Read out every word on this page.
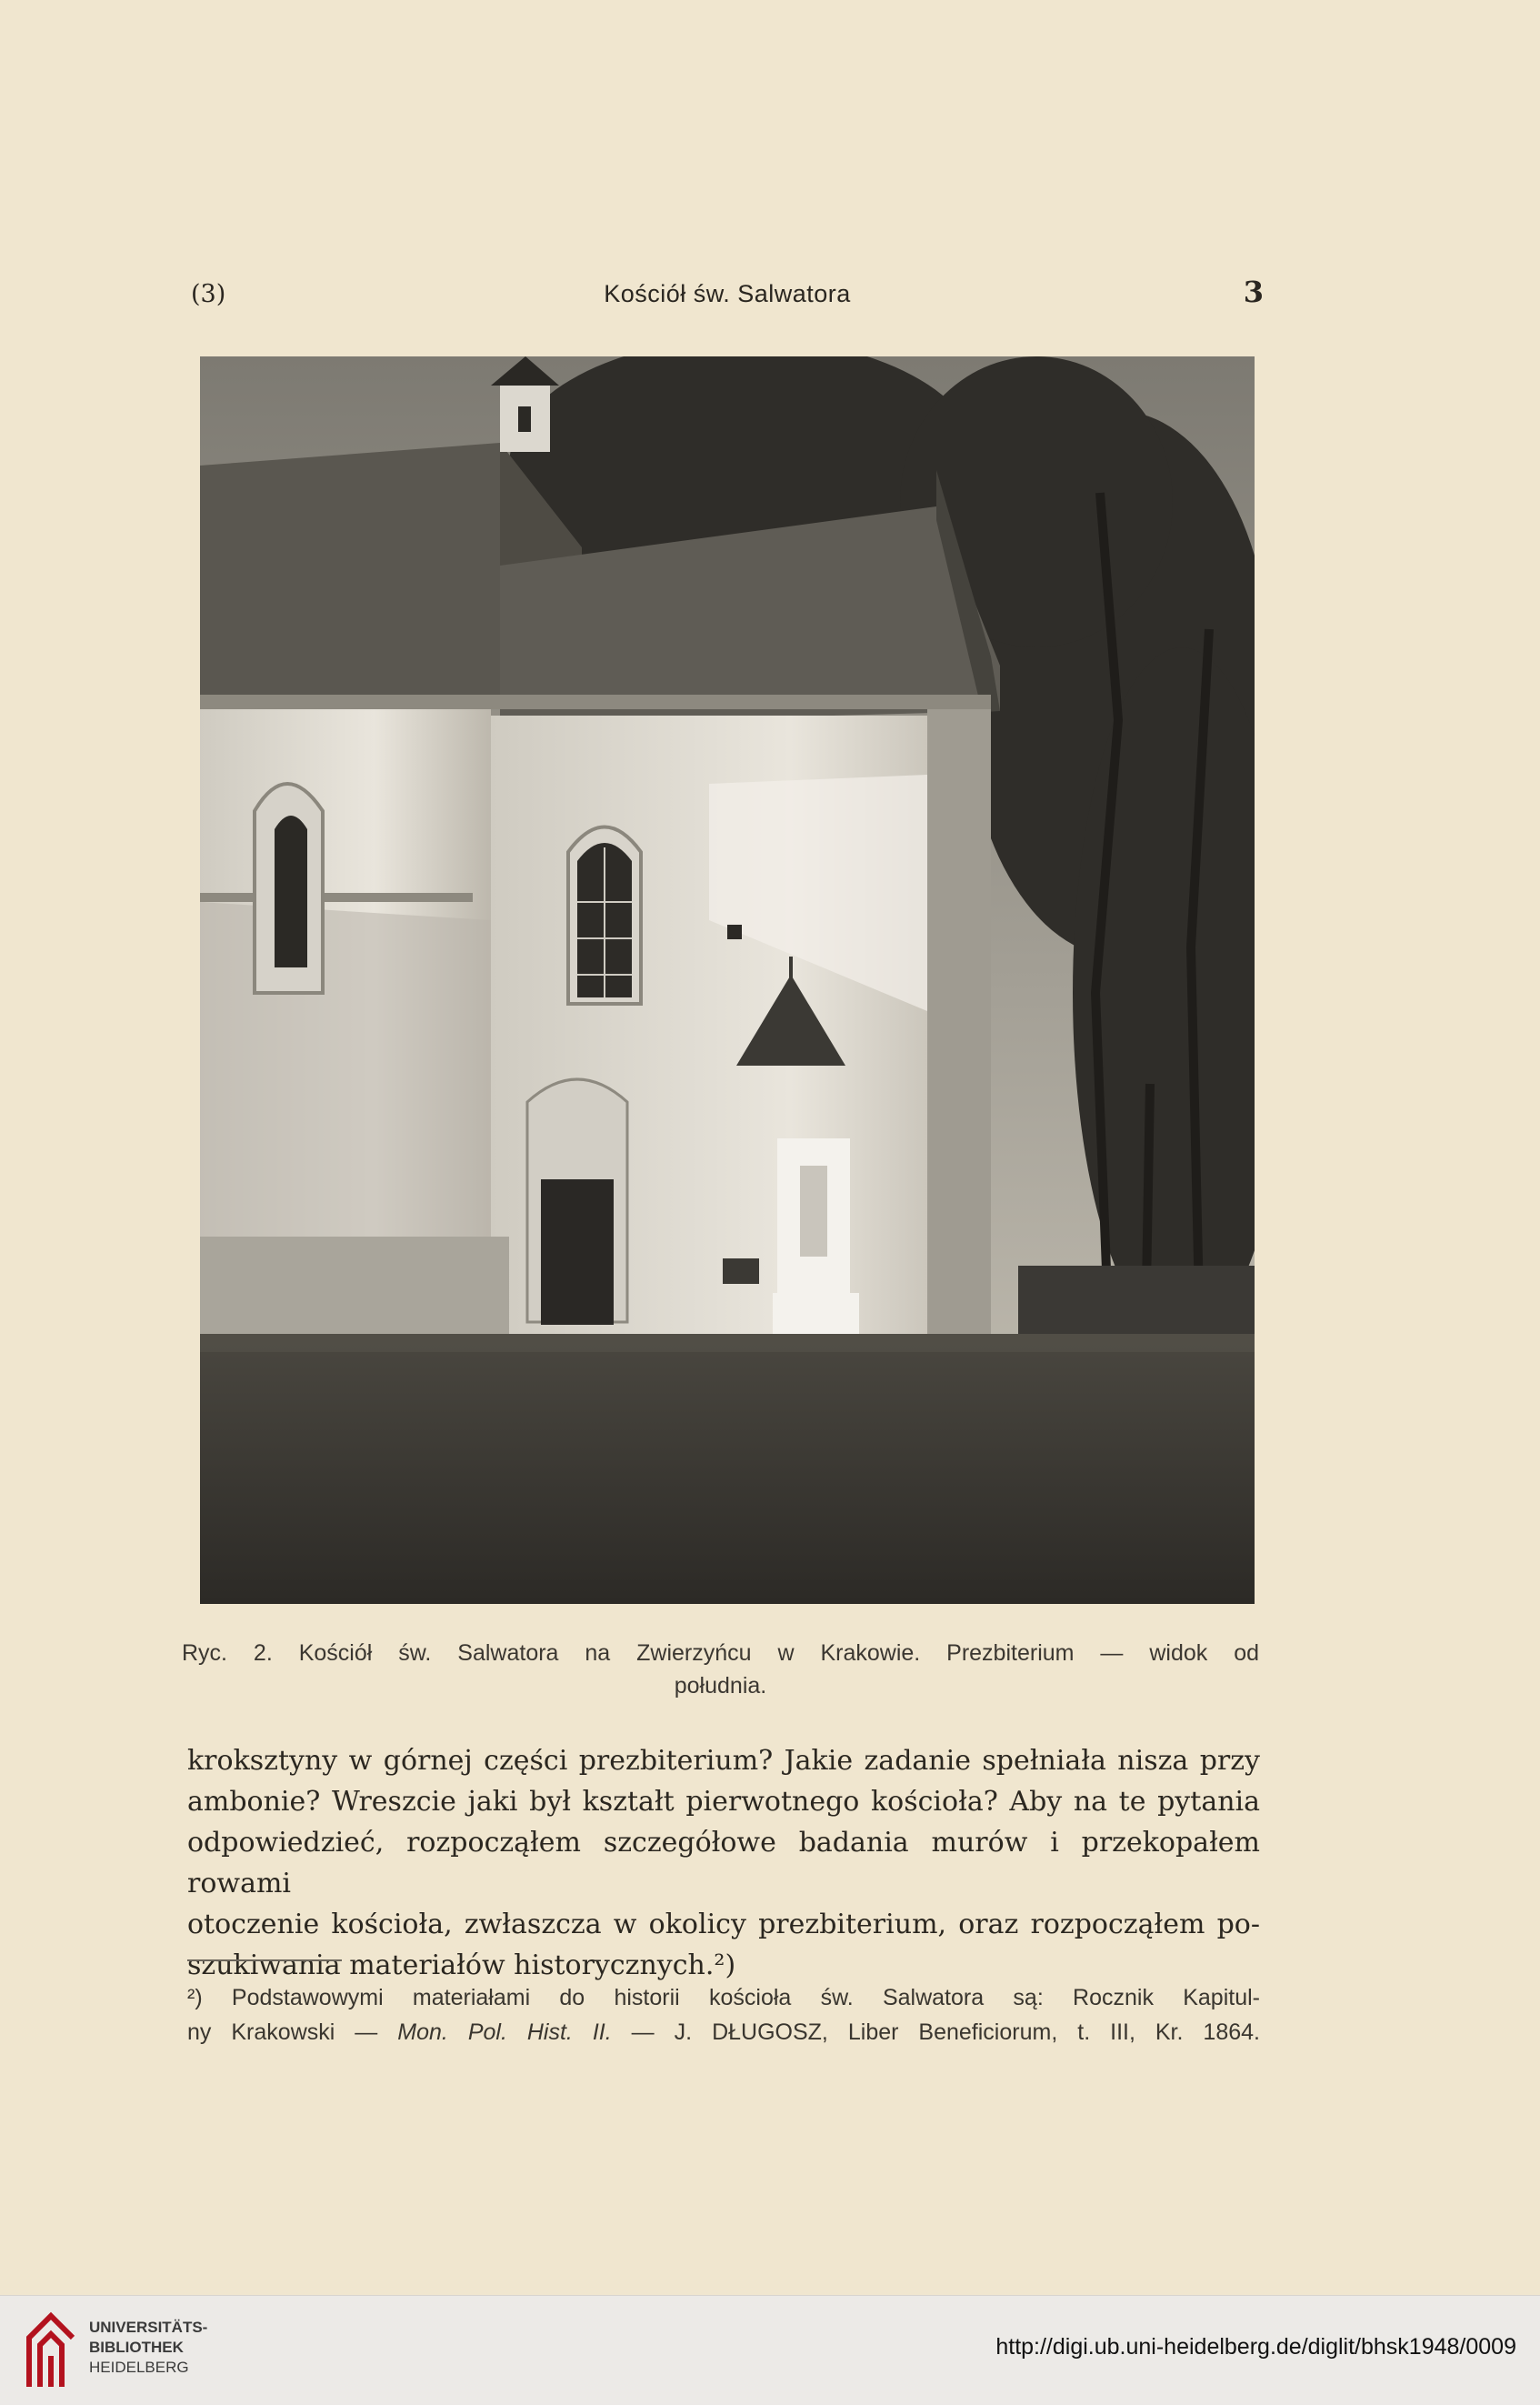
(3)	Kościół św. Salwatora	3
Ryc. 2. Kościół św. Salwatora na Zwierzyńcu w Krakowie. Prezbiterium — widok od
południa.
kroksztyny w górnej części prezbiterium? Jakie zadanie spełniała nisza przy
ambonie? Wreszcie jaki był kształt pierwotnego kościoła? Aby na te pytania
odpowiedzieć, rozpocząłem szczegółowe badania murów i przekopałem rowami
otoczenie kościoła, zwłaszcza w okolicy prezbiterium, oraz rozpocząłem po-
szukiwania materiałów historycznych.²)
²) Podstawowymi materiałami do historii kościoła św. Salwatora są: Rocznik Kapitul-
ny Krakowski — Mon. Pol. Hist. II. — J. DŁUGOSZ, Liber Beneficiorum, t. III, Kr. 1864.
UNIVERSITÄTS-
BIBLIOTHEK
HEIDELBERG
http://digi.ub.uni-heidelberg.de/diglit/bhsk1948/0009
